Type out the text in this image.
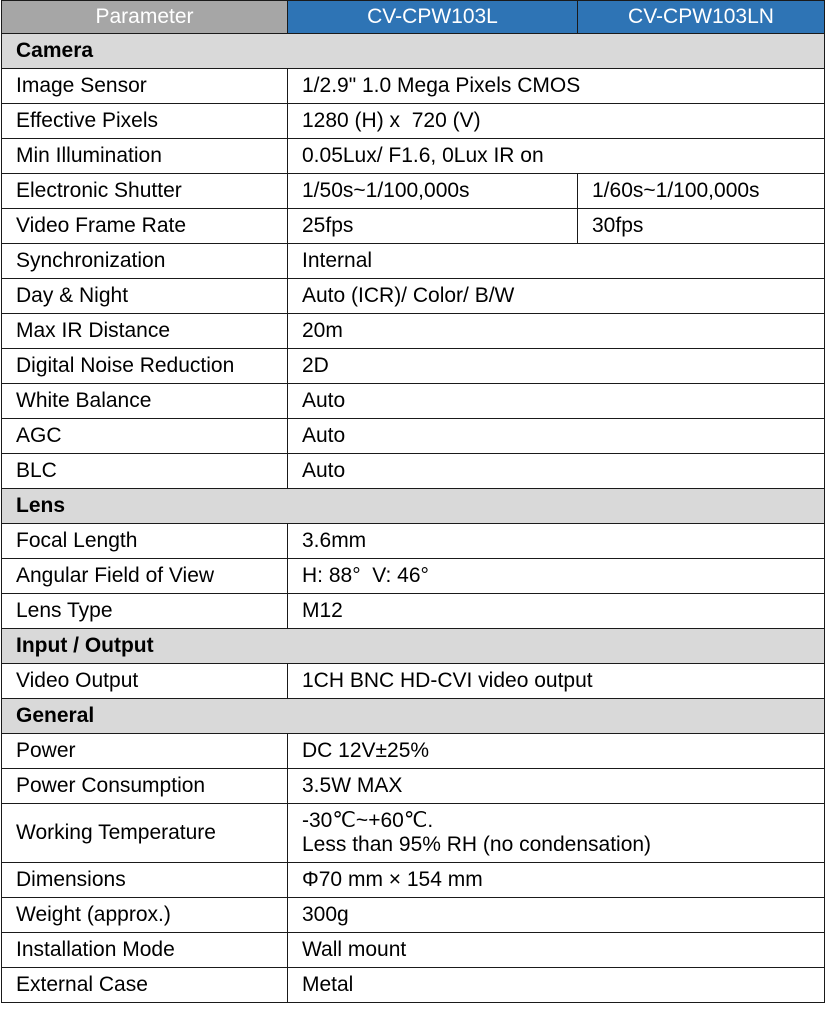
Parameter	CV-CPW103L	CV-CPW103LN
Camera		
Image Sensor	1/2.9" 1.0 Mega Pixels CMOS	
Effective Pixels	1280 (H) x  720 (V)	
Min Illumination	0.05Lux/ F1.6, 0Lux IR on	
Electronic Shutter	1/50s~1/100,000s	1/60s~1/100,000s
Video Frame Rate	25fps	30fps
Synchronization	Internal	
Day & Night	Auto (ICR)/ Color/ B/W	
Max IR Distance	20m	
Digital Noise Reduction	2D	
White Balance	Auto	
AGC	Auto	
BLC	Auto	
Lens		
Focal Length	3.6mm	
Angular Field of View	H: 88°  V: 46°	
Lens Type	M12	
Input / Output		
Video Output	1CH BNC HD-CVI video output	
General		
Power	DC 12V±25%	
Power Consumption	3.5W MAX	
Working Temperature	-30℃~+60℃.
Less than 95% RH (no condensation)	

Dimensions	Φ70 mm × 154 mm	
Weight (approx.)	300g	
Installation Mode	Wall mount	
External Case	Metal	
